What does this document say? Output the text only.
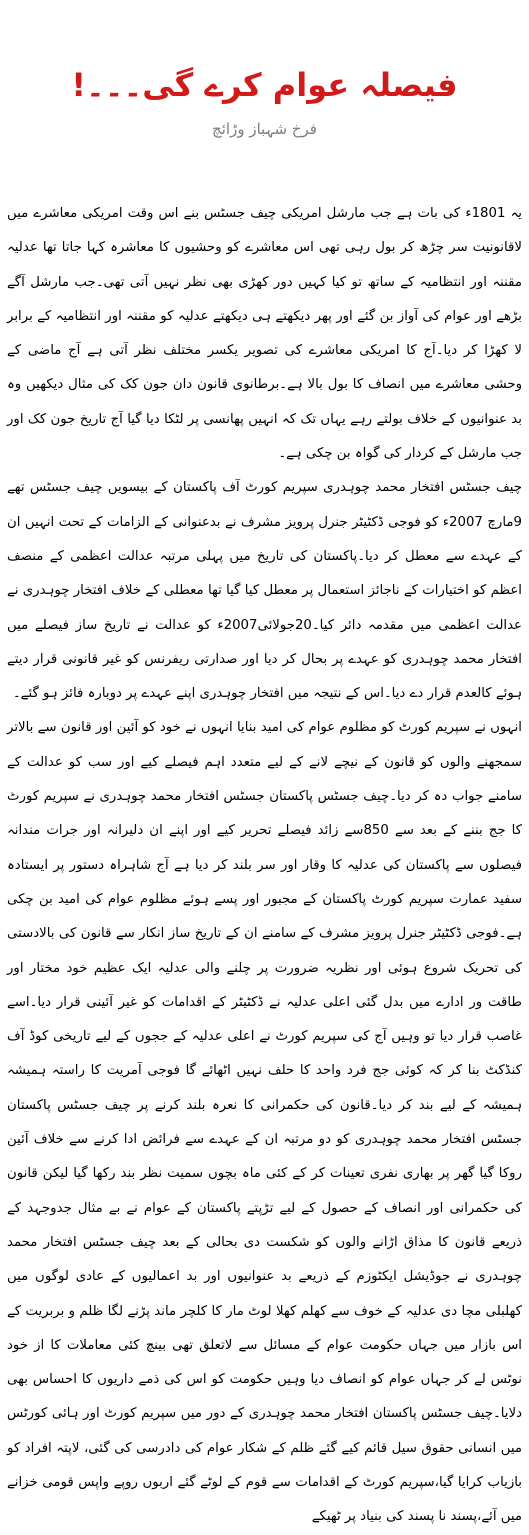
فیصلہ عوام کرے گی۔۔۔!
فرخ شہباز وڑائچ

یہ 1801ء کی بات ہے جب مارشل امریکی چیف جسٹس بنے اس وقت امریکی معاشرے میں لاقانونیت سر چڑھ کر بول رہی تھی اس معاشرے کو وحشیوں کا معاشرہ کہا جاتا تھا عدلیہ مقننہ اور انتظامیہ کے ساتھ تو کیا کہیں دور کھڑی بھی نظر نہیں آتی تھی۔جب مارشل آگے بڑھے اور عوام کی آواز بن گئے اور پھر دیکھتے ہی دیکھتے عدلیہ کو مقننہ اور انتظامیہ کے برابر لا کھڑا کر دیا۔آج کا امریکی معاشرے کی تصویر یکسر مختلف نظر آتی ہے آج ماضی کے وحشی معاشرے میں انصاف کا بول بالا ہے۔برطانوی قانون دان جون کک کی مثال دیکھیں وہ بد عنوانیوں کے خلاف بولتے رہے یہاں تک کہ انہیں پھانسی پر لٹکا دیا گیا آج تاریخ جون کک اور جب مارشل کے کردار کی گواہ بن چکی ہے۔

چیف جسٹس افتخار محمد چوہدری سپریم کورٹ آف پاکستان کے بیسویں چیف جسٹس تھے 9مارچ 2007ء کو فوجی ڈکٹیٹر جنرل پرویز مشرف نے بدعنوانی کے الزامات کے تحت انہیں ان کے عہدے سے معطل کر دیا۔پاکستان کی تاریخ میں پہلی مرتبہ عدالت اعظمی کے منصف اعظم کو اختیارات کے ناجائز استعمال پر معطل کیا گیا تھا معطلی کے خلاف افتخار چوہدری نے عدالت اعظمی میں مقدمہ دائر کیا۔20جولائی2007ء کو عدالت نے تاریخ ساز فیصلے میں افتخار محمد چوہدری کو عہدے پر بحال کر دیا اور صدارتی ریفرنس کو غیر قانونی قرار دیتے ہوئے کالعدم قرار دے دیا۔اس کے نتیجہ میں افتخار چوہدری اپنے عہدے پر دوبارہ فائز ہو گئے۔

انہوں نے سپریم کورٹ کو مظلوم عوام کی امید بنایا انہوں نے خود کو آئین اور قانون سے بالاتر سمجھنے والوں کو قانون کے نیچے لانے کے لیے متعدد اہم فیصلے کیے اور سب کو عدالت کے سامنے جواب دہ کر دیا۔چیف جسٹس پاکستان جسٹس افتخار محمد چوہدری نے سپریم کورٹ کا جج بننے کے بعد سے 850سے زائد فیصلے تحریر کیے اور اپنے ان دلیرانہ اور جرات مندانہ فیصلوں سے پاکستان کی عدلیہ کا وقار اور سر بلند کر دیا ہے آج شاہراہ دستور پر ایستادہ سفید عمارت سپریم کورٹ پاکستان کے مجبور اور پسے ہوئے مظلوم عوام کی امید بن چکی ہے۔فوجی ڈکٹیٹر جنرل پرویز مشرف کے سامنے ان کے تاریخ ساز انکار سے قانون کی بالادستی کی تحریک شروع ہوئی اور نظریہ ضرورت پر چلنے والی عدلیہ ایک عظیم خود مختار اور طاقت ور ادارے میں بدل گئی اعلی عدلیہ نے ڈکٹیٹر کے اقدامات کو غیر آئینی قرار دیا۔اسے غاصب قرار دیا تو وہیں آج کی سپریم کورٹ نے اعلی عدلیہ کے ججوں کے لیے تاریخی کوڈ آف کنڈکٹ بنا کر کہ کوئی جج فرد واحد کا حلف نہیں اٹھائے گا فوجی آمریت کا راستہ ہمیشہ ہمیشہ کے لیے بند کر دیا۔قانون کی حکمرانی کا نعرہ بلند کرنے پر چیف جسٹس پاکستان جسٹس افتخار محمد چوہدری کو دو مرتبہ ان کے عہدے سے فرائض ادا کرنے سے خلاف آئین روکا گیا گھر پر بھاری نفری تعینات کر کے کئی ماہ بچوں سمیت نظر بند رکھا گیا لیکن قانون کی حکمرانی اور انصاف کے حصول کے لیے تڑپتے پاکستان کے عوام نے بے مثال جدوجہد کے ذریعے قانون کا مذاق اڑانے والوں کو شکست دی بحالی کے بعد چیف جسٹس افتخار محمد چوہدری نے جوڈیشل ایکٹوزم کے ذریعے بد عنوانیوں اور بد اعمالیوں کے عادی لوگوں میں کھلبلی مچا دی عدلیہ کے خوف سے کھلم کھلا لوٹ مار کا کلچر ماند پڑنے لگا ظلم و بربریت کے اس بازار میں جہاں حکومت عوام کے مسائل سے لاتعلق تھی بینچ کئی معاملات کا از خود نوٹس لے کر جہاں عوام کو انصاف دیا وہیں حکومت کو اس کی ذمے داریوں کا احساس بھی دلایا۔چیف جسٹس پاکستان افتخار محمد چوہدری کے دور میں سپریم کورٹ اور ہائی کورٹس میں انسانی حقوق سیل قائم کیے گئے ظلم کے شکار عوام کی دادرسی کی گئی، لاپتہ افراد کو بازیاب کرایا گیا،سپریم کورٹ کے اقدامات سے قوم کے لوٹے گئے اربوں روپے واپس قومی خزانے میں آئے،پسند نا پسند کی بنیاد پر ٹھیکے
